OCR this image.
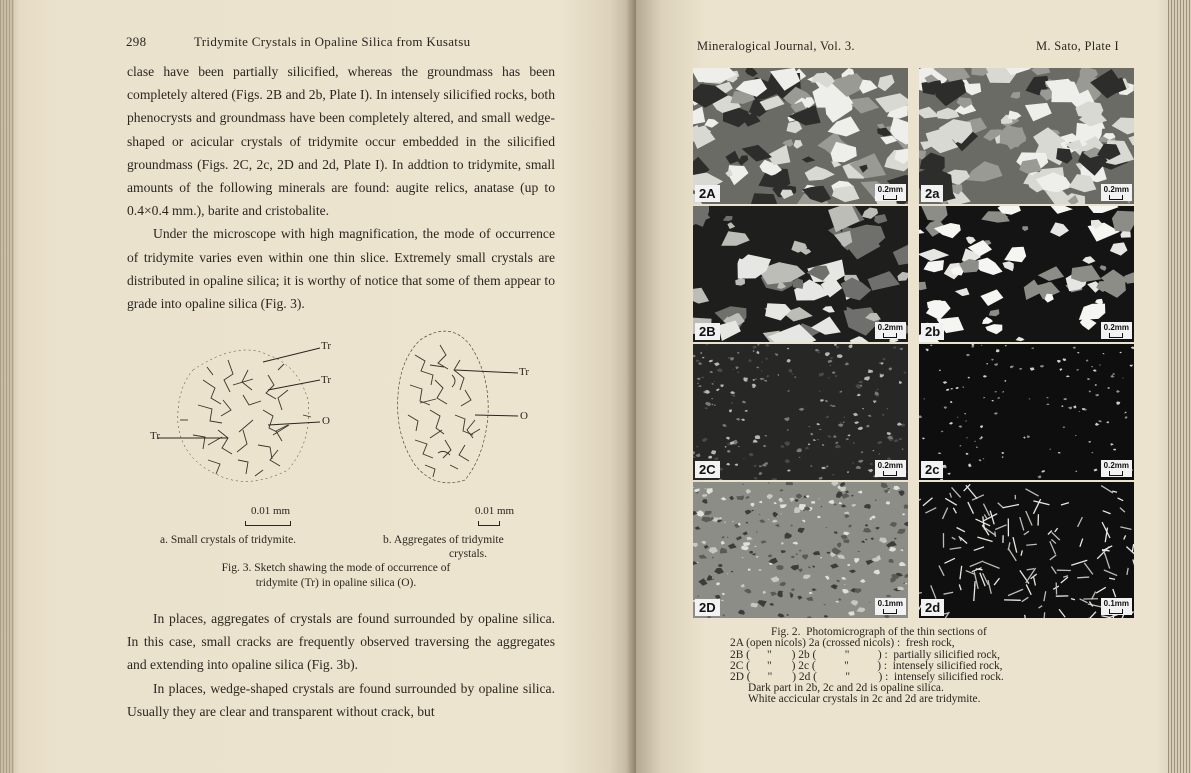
298	Tridymite Crystals in Opaline Silica from Kusatsu

clase have been partially silicified, whereas the groundmass has been completely altered (Figs. 2B and 2b, Plate I). In intensely silicified rocks, both phenocrysts and groundmass have been completely altered, and small wedge-shaped or acicular crystals of tridymite occur embedded in the silicified groundmass (Figs. 2C, 2c, 2D and 2d, Plate I). In addtion to tridymite, small amounts of the following minerals are found: augite relics, anatase (up to 0.4×0.4 mm.), barite and cristobalite.

Under the microscope with high magnification, the mode of occurrence of tridymite varies even within one thin slice. Extremely small crystals are distributed in opaline silica; it is worthy of notice that some of them appear to grade into opaline silica (Fig. 3).

Tr
Tr
O
Tr
Tr
O
0.01 mm	0.01 mm
a. Small crystals of tridymite.	b. Aggregates of tridymite
crystals.
Fig. 3. Sketch shawing the mode of occurrence of
tridymite (Tr) in opaline silica (O).

In places, aggregates of crystals are found surrounded by opaline silica. In this case, small cracks are frequently observed traversing the aggregates and extending into opaline silica (Fig. 3b).

In places, wedge-shaped crystals are found surrounded by opaline silica. Usually they are clear and transparent without crack, but

Mineralogical Journal, Vol. 3.	M. Sato, Plate I
2A	0.2mm	2a	0.2mm
2B	0.2mm	2b	0.2mm
2C	0.2mm	2c	0.2mm
2D	0.1mm	2d	0.1mm
Fig. 2.  Photomicrograph of the thin sections of
2A (open nicols) 2a (crossed nicols) :  fresh rock,
2B (      "       ) 2b (          "          ) :  partially silicified rock,
2C (      "       ) 2c (          "          ) :  intensely silicified rock,
2D (      "       ) 2d (          "          ) :  intensely silicified rock.
Dark part in 2b, 2c and 2d is opaline silica.
White accicular crystals in 2c and 2d are tridymite.
